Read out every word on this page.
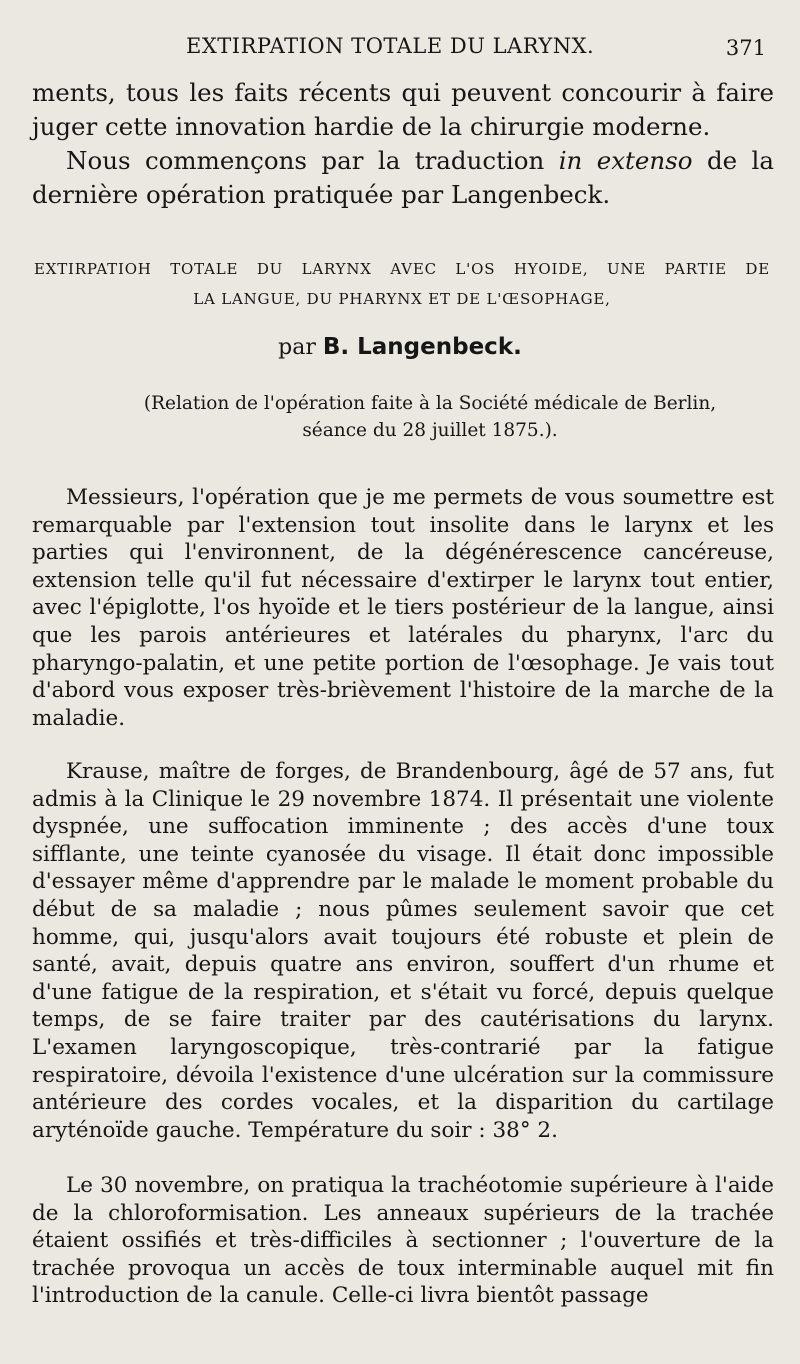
EXTIRPATION TOTALE DU LARYNX.	371

ments, tous les faits récents qui peuvent concourir à faire juger cette innovation hardie de la chirurgie moderne.

Nous commençons par la traduction in extenso de la dernière opération pratiquée par Langenbeck.

EXTIRPATIOH TOTALE DU LARYNX AVEC L'OS HYOIDE, UNE PARTIE DE
LA LANGUE, DU PHARYNX ET DE L'ŒSOPHAGE,
par B. Langenbeck.
(Relation de l'opération faite à la Société médicale de Berlin,
séance du 28 juillet 1875.).

Messieurs, l'opération que je me permets de vous soumettre est remarquable par l'extension tout insolite dans le larynx et les parties qui l'environnent, de la dégénérescence cancéreuse, extension telle qu'il fut nécessaire d'extirper le larynx tout entier, avec l'épiglotte, l'os hyoïde et le tiers postérieur de la langue, ainsi que les parois antérieures et latérales du pharynx, l'arc du pharyngo-palatin, et une petite portion de l'œsophage. Je vais tout d'abord vous exposer très-brièvement l'histoire de la marche de la maladie.

Krause, maître de forges, de Brandenbourg, âgé de 57 ans, fut admis à la Clinique le 29 novembre 1874. Il présentait une violente dyspnée, une suffocation imminente ; des accès d'une toux sifflante, une teinte cyanosée du visage. Il était donc impossible d'essayer même d'apprendre par le malade le moment probable du début de sa maladie ; nous pûmes seulement savoir que cet homme, qui, jusqu'alors avait toujours été robuste et plein de santé, avait, depuis quatre ans environ, souffert d'un rhume et d'une fatigue de la respiration, et s'était vu forcé, depuis quelque temps, de se faire traiter par des cautérisations du larynx. L'examen laryngoscopique, très-contrarié par la fatigue respiratoire, dévoila l'existence d'une ulcération sur la commissure antérieure des cordes vocales, et la disparition du cartilage aryténoïde gauche. Température du soir : 38° 2.

Le 30 novembre, on pratiqua la trachéotomie supérieure à l'aide de la chloroformisation. Les anneaux supérieurs de la trachée étaient ossifiés et très-difficiles à sectionner ; l'ouverture de la trachée provoqua un accès de toux interminable auquel mit fin l'introduction de la canule. Celle-ci livra bientôt passage
